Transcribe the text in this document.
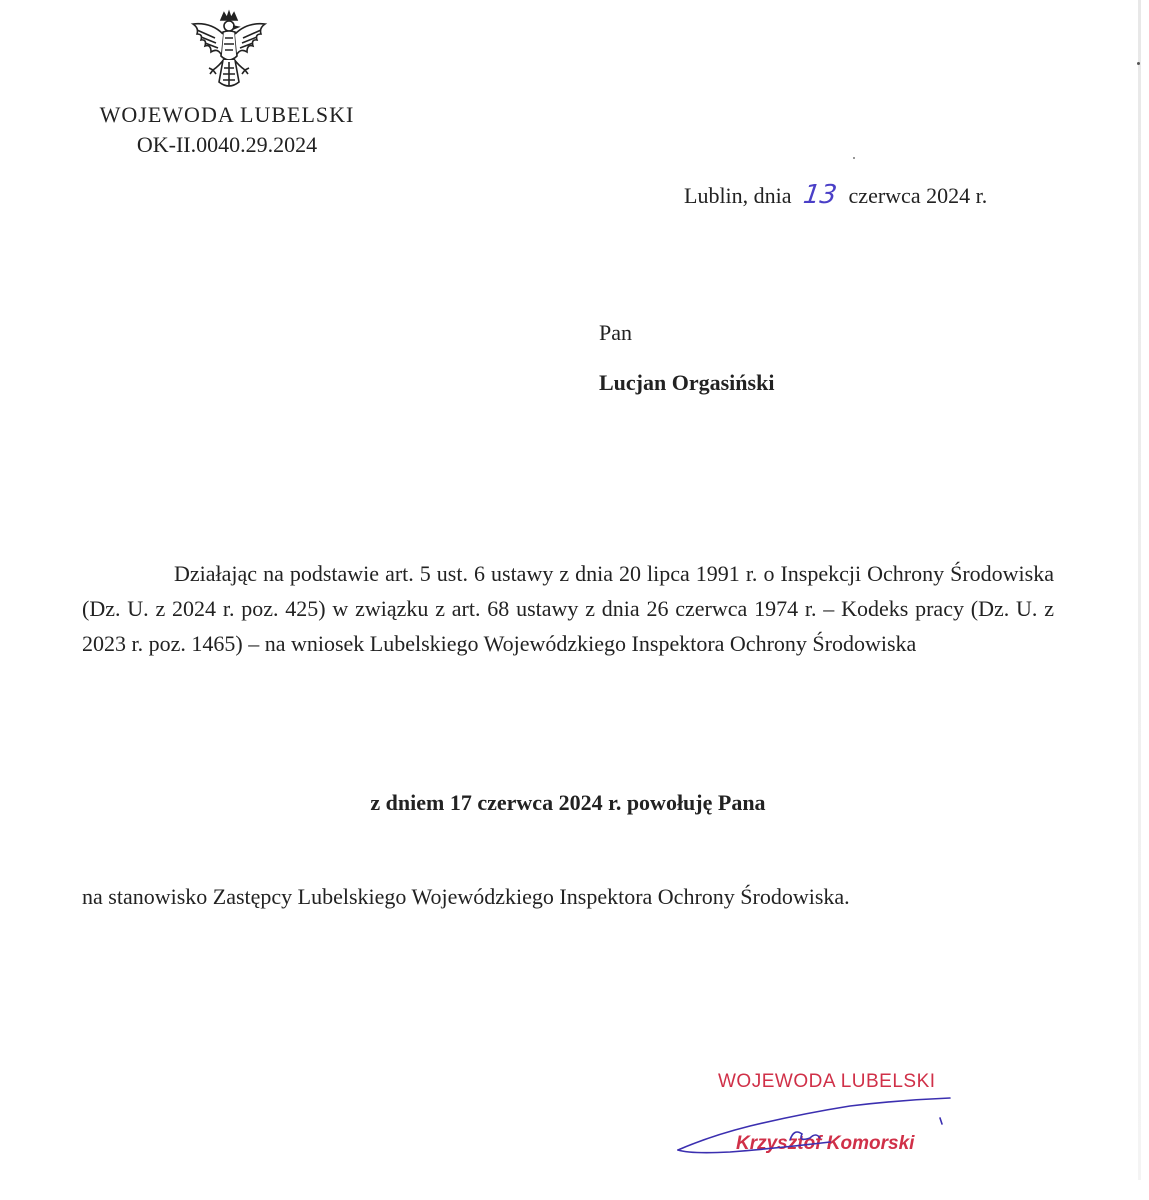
WOJEWODA LUBELSKI
OK-II.0040.29.2024
Lublin, dnia 13 czerwca 2024 r.
Pan
Lucjan Orgasiński

Działając na podstawie art. 5 ust. 6 ustawy z dnia 20 lipca 1991 r. o Inspekcji Ochrony Środowiska (Dz. U. z 2024 r. poz. 425) w związku z art. 68 ustawy z dnia 26 czerwca 1974 r. – Kodeks pracy (Dz. U. z 2023 r. poz. 1465) – na wniosek Lubelskiego Wojewódzkiego Inspektora Ochrony Środowiska

z dniem 17 czerwca 2024 r. powołuję Pana
na stanowisko Zastępcy Lubelskiego Wojewódzkiego Inspektora Ochrony Środowiska.
WOJEWODA LUBELSKI
Krzysztof Komorski
